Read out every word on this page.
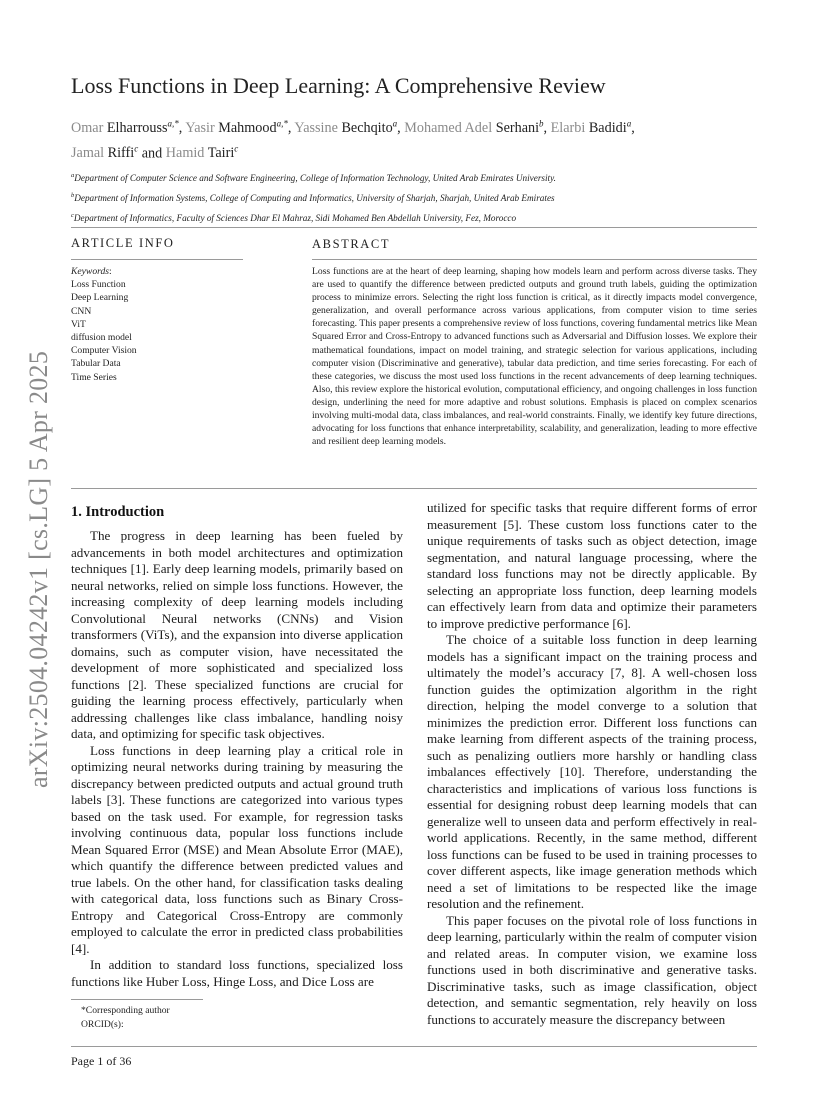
arXiv:2504.04242v1 [cs.LG] 5 Apr 2025
Loss Functions in Deep Learning: A Comprehensive Review
Omar Elharrouss$^{a,*}$, Yasir Mahmood$^{a,*}$, Yassine Bechqito$^a$, Mohamed Adel Serhani$^b$, Elarbi Badidi$^a$,
Jamal Riffi$^c$ and Hamid Tairi$^c$
$^a$Department of Computer Science and Software Engineering, College of Information Technology, United Arab Emirates University.
$^b$Department of Information Systems, College of Computing and Informatics, University of Sharjah, Sharjah, United Arab Emirates
$^c$Department of Informatics, Faculty of Sciences Dhar El Mahraz, Sidi Mohamed Ben Abdellah University, Fez, Morocco
ARTICLE INFO	ABSTRACT
Keywords:
Loss Function
Deep Learning
CNN
ViT
diffusion model
Computer Vision
Tabular Data
Time Series
Loss functions are at the heart of deep learning, shaping how models learn and perform across diverse tasks. They are used to quantify the difference between predicted outputs and ground truth labels, guiding the optimization process to minimize errors. Selecting the right loss function is critical, as it directly impacts model convergence, generalization, and overall performance across various applications, from computer vision to time series forecasting. This paper presents a comprehensive review of loss functions, covering fundamental metrics like Mean Squared Error and Cross-Entropy to advanced functions such as Adversarial and Diffusion losses. We explore their mathematical foundations, impact on model training, and strategic selection for various applications, including computer vision (Discriminative and generative), tabular data prediction, and time series forecasting. For each of these categories, we discuss the most used loss functions in the recent advancements of deep learning techniques. Also, this review explore the historical evolution, computational efficiency, and ongoing challenges in loss function design, underlining the need for more adaptive and robust solutions. Emphasis is placed on complex scenarios involving multi-modal data, class imbalances, and real-world constraints. Finally, we identify key future directions, advocating for loss functions that enhance interpretability, scalability, and generalization, leading to more effective and resilient deep learning models.
1. Introduction

The progress in deep learning has been fueled by advancements in both model architectures and optimization techniques [1]. Early deep learning models, primarily based on neural networks, relied on simple loss functions. However, the increasing complexity of deep learning models including Convolutional Neural networks (CNNs) and Vision transformers (ViTs), and the expansion into diverse application domains, such as computer vision, have necessitated the development of more sophisticated and specialized loss functions [2]. These specialized functions are crucial for guiding the learning process effectively, particularly when addressing challenges like class imbalance, handling noisy data, and optimizing for specific task objectives.

Loss functions in deep learning play a critical role in optimizing neural networks during training by measuring the discrepancy between predicted outputs and actual ground truth labels [3]. These functions are categorized into various types based on the task used. For example, for regression tasks involving continuous data, popular loss functions include Mean Squared Error (MSE) and Mean Absolute Error (MAE), which quantify the difference between predicted values and true labels. On the other hand, for classification tasks dealing with categorical data, loss functions such as Binary Cross-Entropy and Categorical Cross-Entropy are commonly employed to calculate the error in predicted class probabilities [4].

In addition to standard loss functions, specialized loss functions like Huber Loss, Hinge Loss, and Dice Loss are

utilized for specific tasks that require different forms of error measurement [5]. These custom loss functions cater to the unique requirements of tasks such as object detection, image segmentation, and natural language processing, where the standard loss functions may not be directly applicable. By selecting an appropriate loss function, deep learning models can effectively learn from data and optimize their parameters to improve predictive performance [6].

The choice of a suitable loss function in deep learning models has a significant impact on the training process and ultimately the model’s accuracy [7, 8]. A well-chosen loss function guides the optimization algorithm in the right direction, helping the model converge to a solution that minimizes the prediction error. Different loss functions can make learning from different aspects of the training process, such as penalizing outliers more harshly or handling class imbalances effectively [10]. Therefore, understanding the characteristics and implications of various loss functions is essential for designing robust deep learning models that can generalize well to unseen data and perform effectively in real-world applications. Recently, in the same method, different loss functions can be fused to be used in training processes to cover different aspects, like image generation methods which need a set of limitations to be respected like the image resolution and the refinement.

This paper focuses on the pivotal role of loss functions in deep learning, particularly within the realm of computer vision and related areas. In computer vision, we examine loss functions used in both discriminative and generative tasks. Discriminative tasks, such as image classification, object detection, and semantic segmentation, rely heavily on loss functions to accurately measure the discrepancy between

*Corresponding author
ORCID(s):
Page 1 of 36
